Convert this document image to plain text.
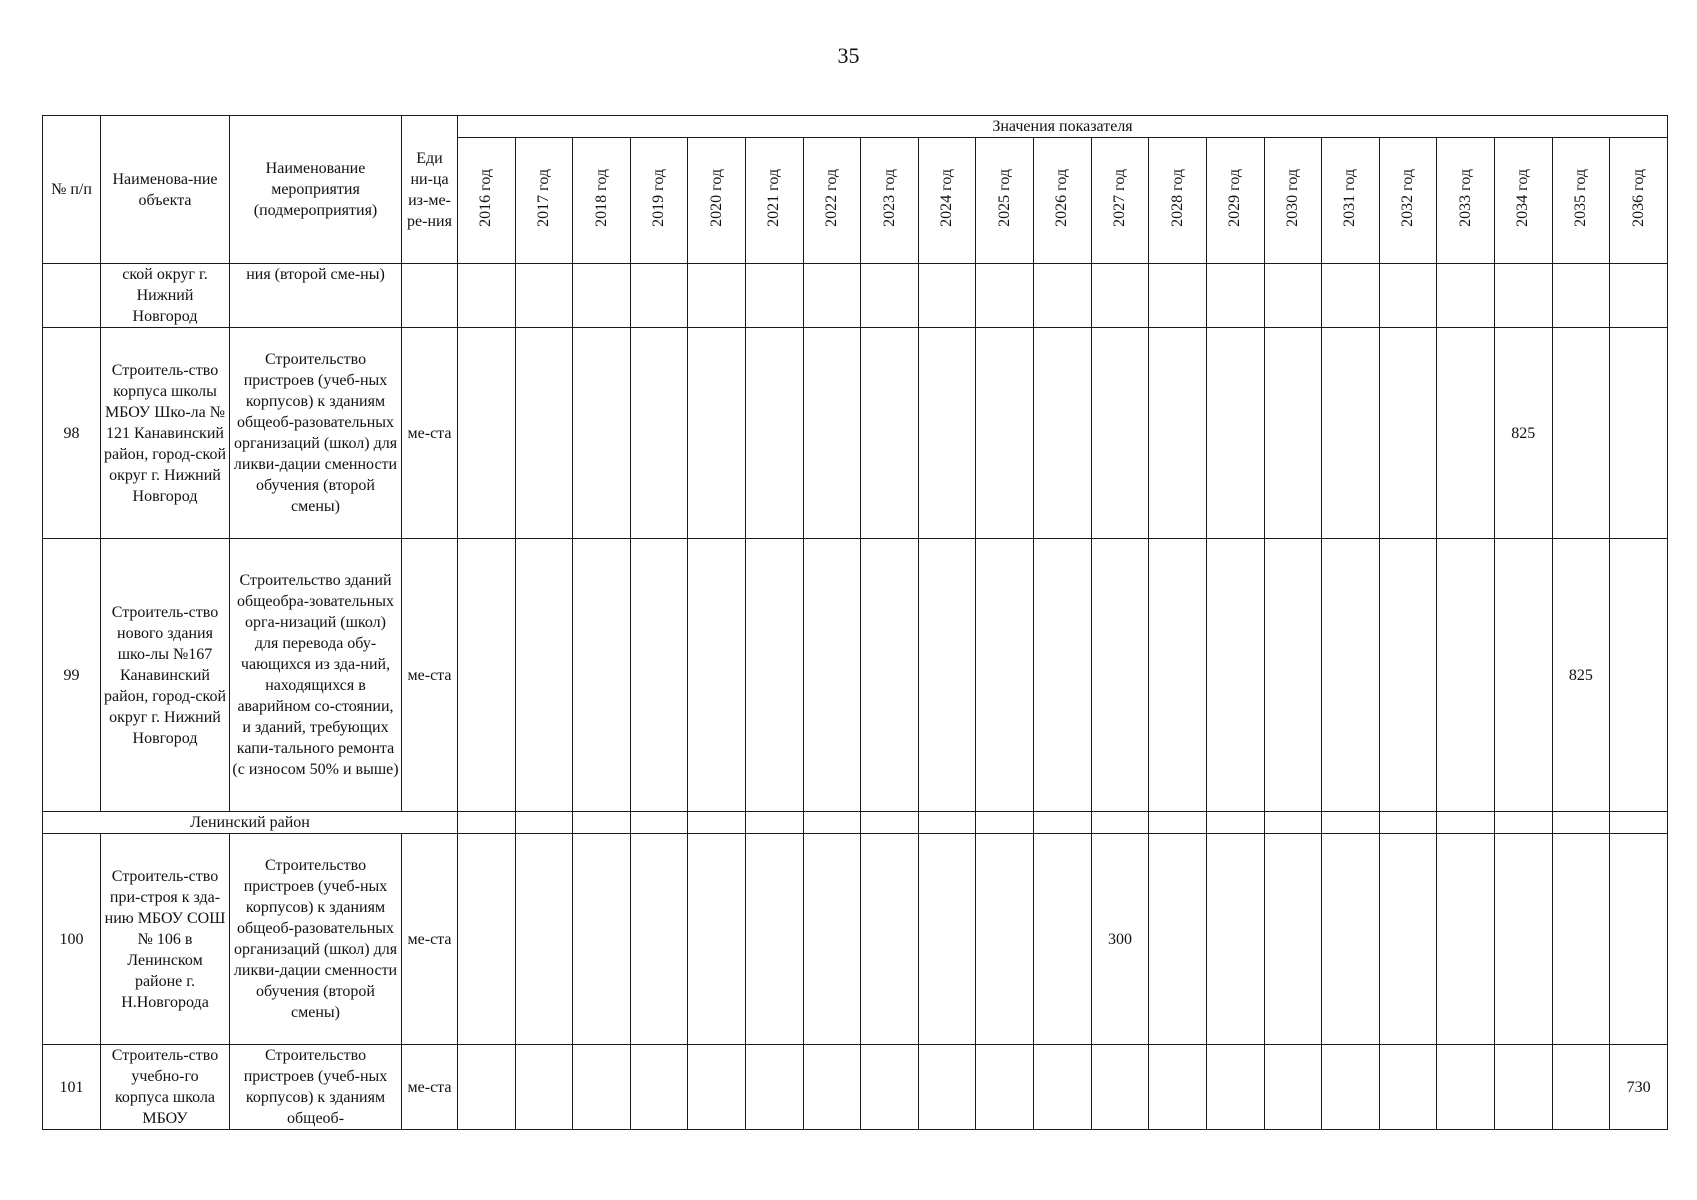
35
№ п/п	Наименова-ние объекта	Наименование мероприятия (подмероприятия)	Еди ни-ца из-ме-ре-ния	Значения показателя																				
				2016 год	2017 год	2018 год	2019 год	2020 год	2021 год	2022 год	2023 год	2024 год	2025 год	2026 год	2027 год	2028 год	2029 год	2030 год	2031 год	2032 год	2033 год	2034 год	2035 год	2036 год
	ской округ г. Нижний Новгород	ния (второй сме-ны)																						
98	Строитель-ство корпуса школы МБОУ Шко-ла № 121 Канавинский район, город-ской округ г. Нижний Новгород	Строительство пристроев (учеб-ных корпусов) к зданиям общеоб-разовательных организаций (школ) для ликви-дации сменности обучения (второй смены)	ме-ста																			825		
99	Строитель-ство нового здания шко-лы №167 Канавинский район, город-ской округ г. Нижний Новгород	Строительство зданий общеобра-зовательных орга-низаций (школ) для перевода обу-чающихся из зда-ний, находящихся в аварийном со-стоянии, и зданий, требующих капи-тального ремонта (с износом 50% и выше)	ме-ста																				825	
Ленинский район																								
100	Строитель-ство при-строя к зда-нию МБОУ СОШ № 106 в Ленинском районе г. Н.Новгорода	Строительство пристроев (учеб-ных корпусов) к зданиям общеоб-разовательных организаций (школ) для ликви-дации сменности обучения (второй смены)	ме-ста												300									
101	Строитель-ство учебно-го корпуса школа МБОУ	Строительство пристроев (учеб-ных корпусов) к зданиям общеоб-	ме-ста																					730
